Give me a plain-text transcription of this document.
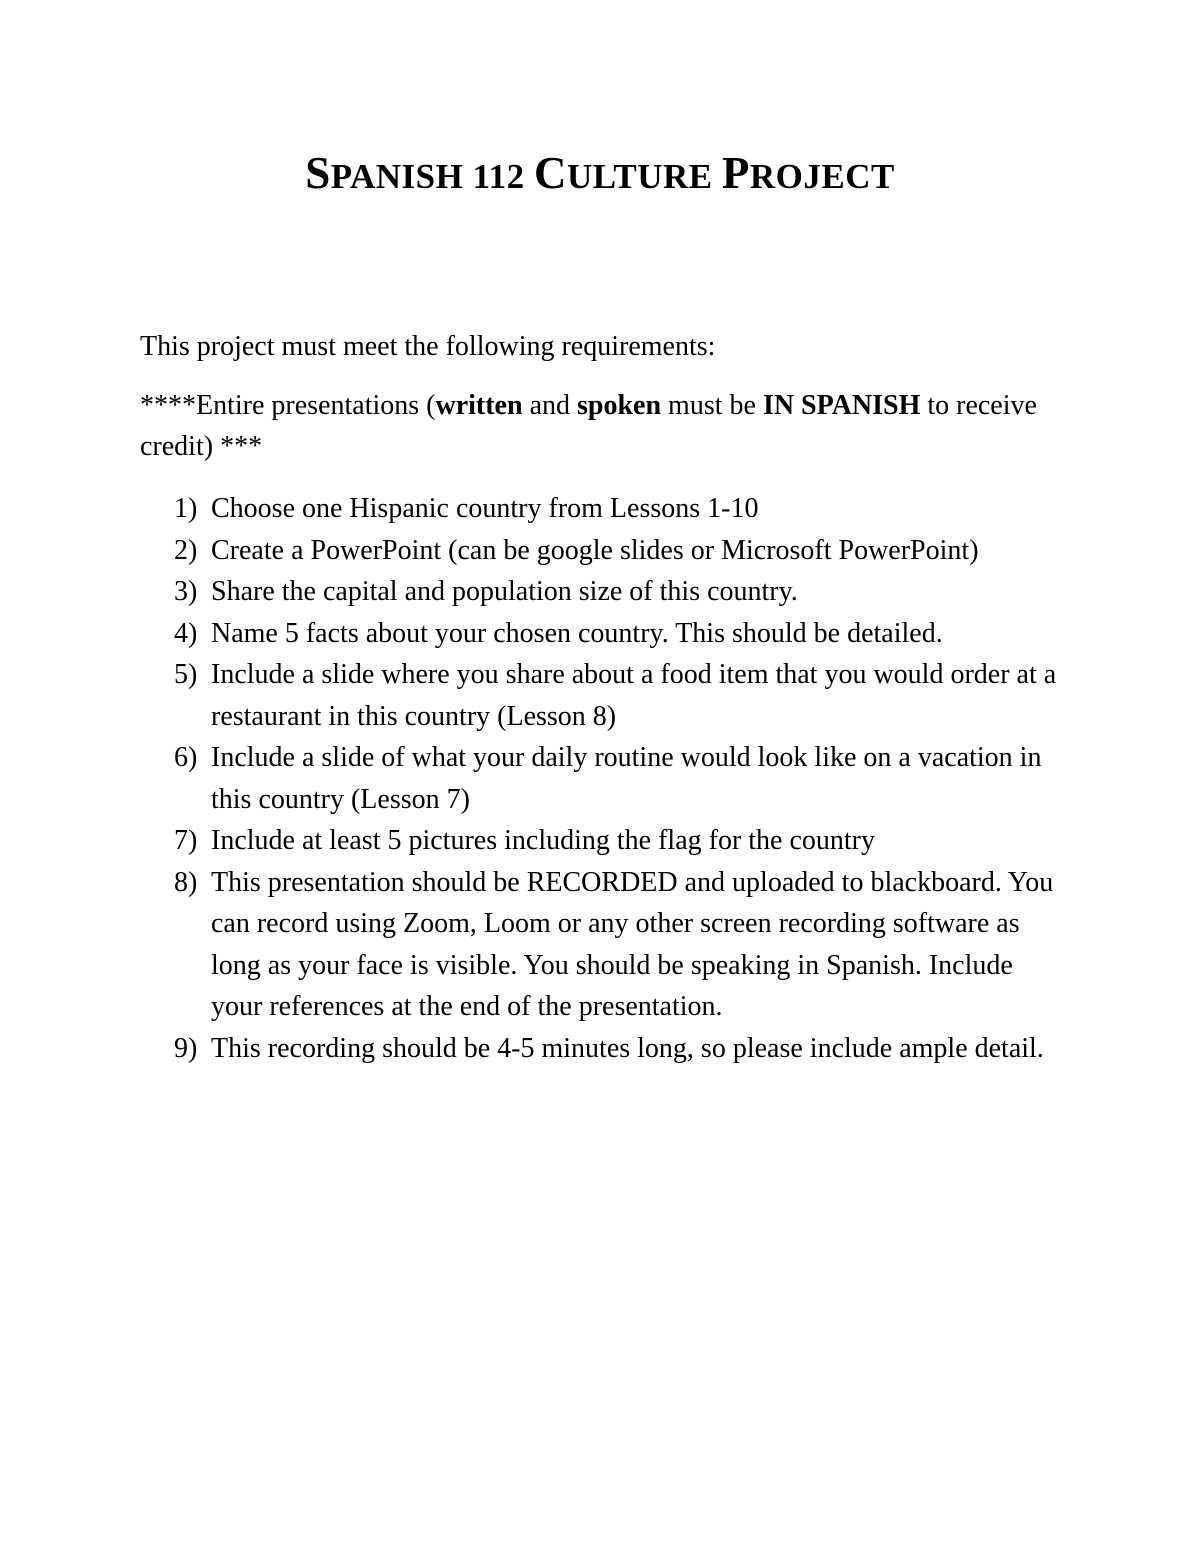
SPANISH 112 CULTURE PROJECT

This project must meet the following requirements:

****Entire presentations (written and spoken must be IN SPANISH to receive credit) ***

1) Choose one Hispanic country from Lessons 1-10
2) Create a PowerPoint (can be google slides or Microsoft PowerPoint)
3) Share the capital and population size of this country.
4) Name 5 facts about your chosen country. This should be detailed.
5) Include a slide where you share about a food item that you would order at a restaurant in this country (Lesson 8)
6) Include a slide of what your daily routine would look like on a vacation in this country (Lesson 7)
7) Include at least 5 pictures including the flag for the country
8) This presentation should be RECORDED and uploaded to blackboard. You can record using Zoom, Loom or any other screen recording software as long as your face is visible. You should be speaking in Spanish. Include your references at the end of the presentation.
9) This recording should be 4-5 minutes long, so please include ample detail.
